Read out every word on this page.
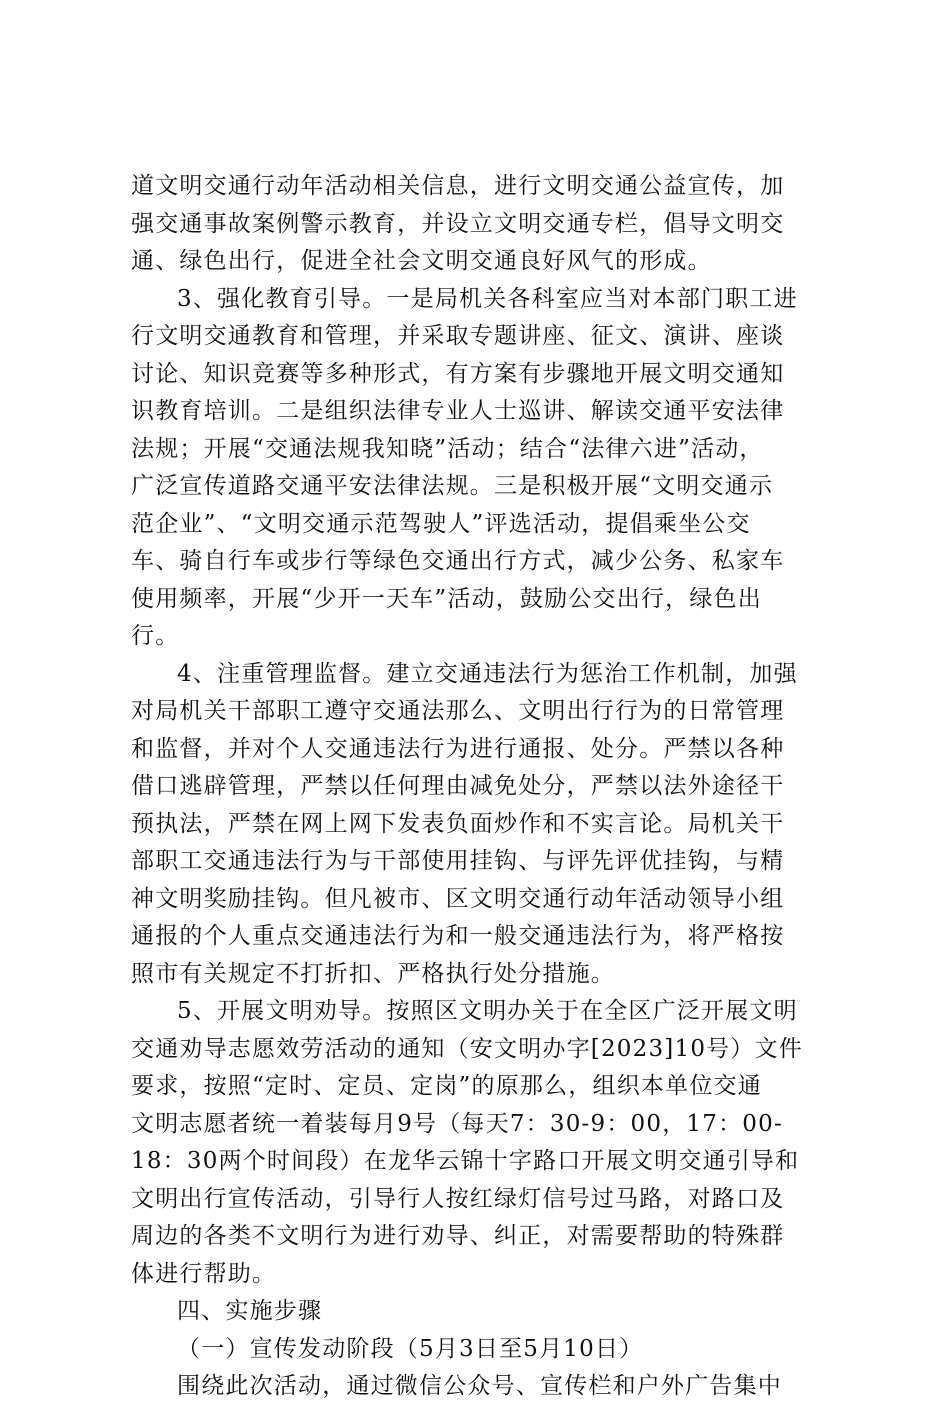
道文明交通行动年活动相关信息，进行文明交通公益宣传，加
强交通事故案例警示教育，并设立文明交通专栏，倡导文明交
通、绿色出行，促进全社会文明交通良好风气的形成。
3、强化教育引导。一是局机关各科室应当对本部门职工进
行文明交通教育和管理，并采取专题讲座、征文、演讲、座谈
讨论、知识竞赛等多种形式，有方案有步骤地开展文明交通知
识教育培训。二是组织法律专业人士巡讲、解读交通平安法律
法规；开展“交通法规我知晓”活动；结合“法律六进”活动，
广泛宣传道路交通平安法律法规。三是积极开展“文明交通示
范企业”、“文明交通示范驾驶人”评选活动，提倡乘坐公交
车、骑自行车或步行等绿色交通出行方式，减少公务、私家车
使用频率，开展“少开一天车”活动，鼓励公交出行，绿色出
行。
4、注重管理监督。建立交通违法行为惩治工作机制，加强
对局机关干部职工遵守交通法那么、文明出行行为的日常管理
和监督，并对个人交通违法行为进行通报、处分。严禁以各种
借口逃辟管理，严禁以任何理由减免处分，严禁以法外途径干
预执法，严禁在网上网下发表负面炒作和不实言论。局机关干
部职工交通违法行为与干部使用挂钩、与评先评优挂钩，与精
神文明奖励挂钩。但凡被市、区文明交通行动年活动领导小组
通报的个人重点交通违法行为和一般交通违法行为，将严格按
照市有关规定不打折扣、严格执行处分措施。
5、开展文明劝导。按照区文明办关于在全区广泛开展文明
交通劝导志愿效劳活动的通知（安文明办字[2023]10号）文件
要求，按照“定时、定员、定岗”的原那么，组织本单位交通
文明志愿者统一着装每月9号（每天7：30-9：00，17：00-
18：30两个时间段）在龙华云锦十字路口开展文明交通引导和
文明出行宣传活动，引导行人按红绿灯信号过马路，对路口及
周边的各类不文明行为进行劝导、纠正，对需要帮助的特殊群
体进行帮助。
四、实施步骤
（一）宣传发动阶段（5月3日至5月10日）
围绕此次活动，通过微信公众号、宣传栏和户外广告集中
